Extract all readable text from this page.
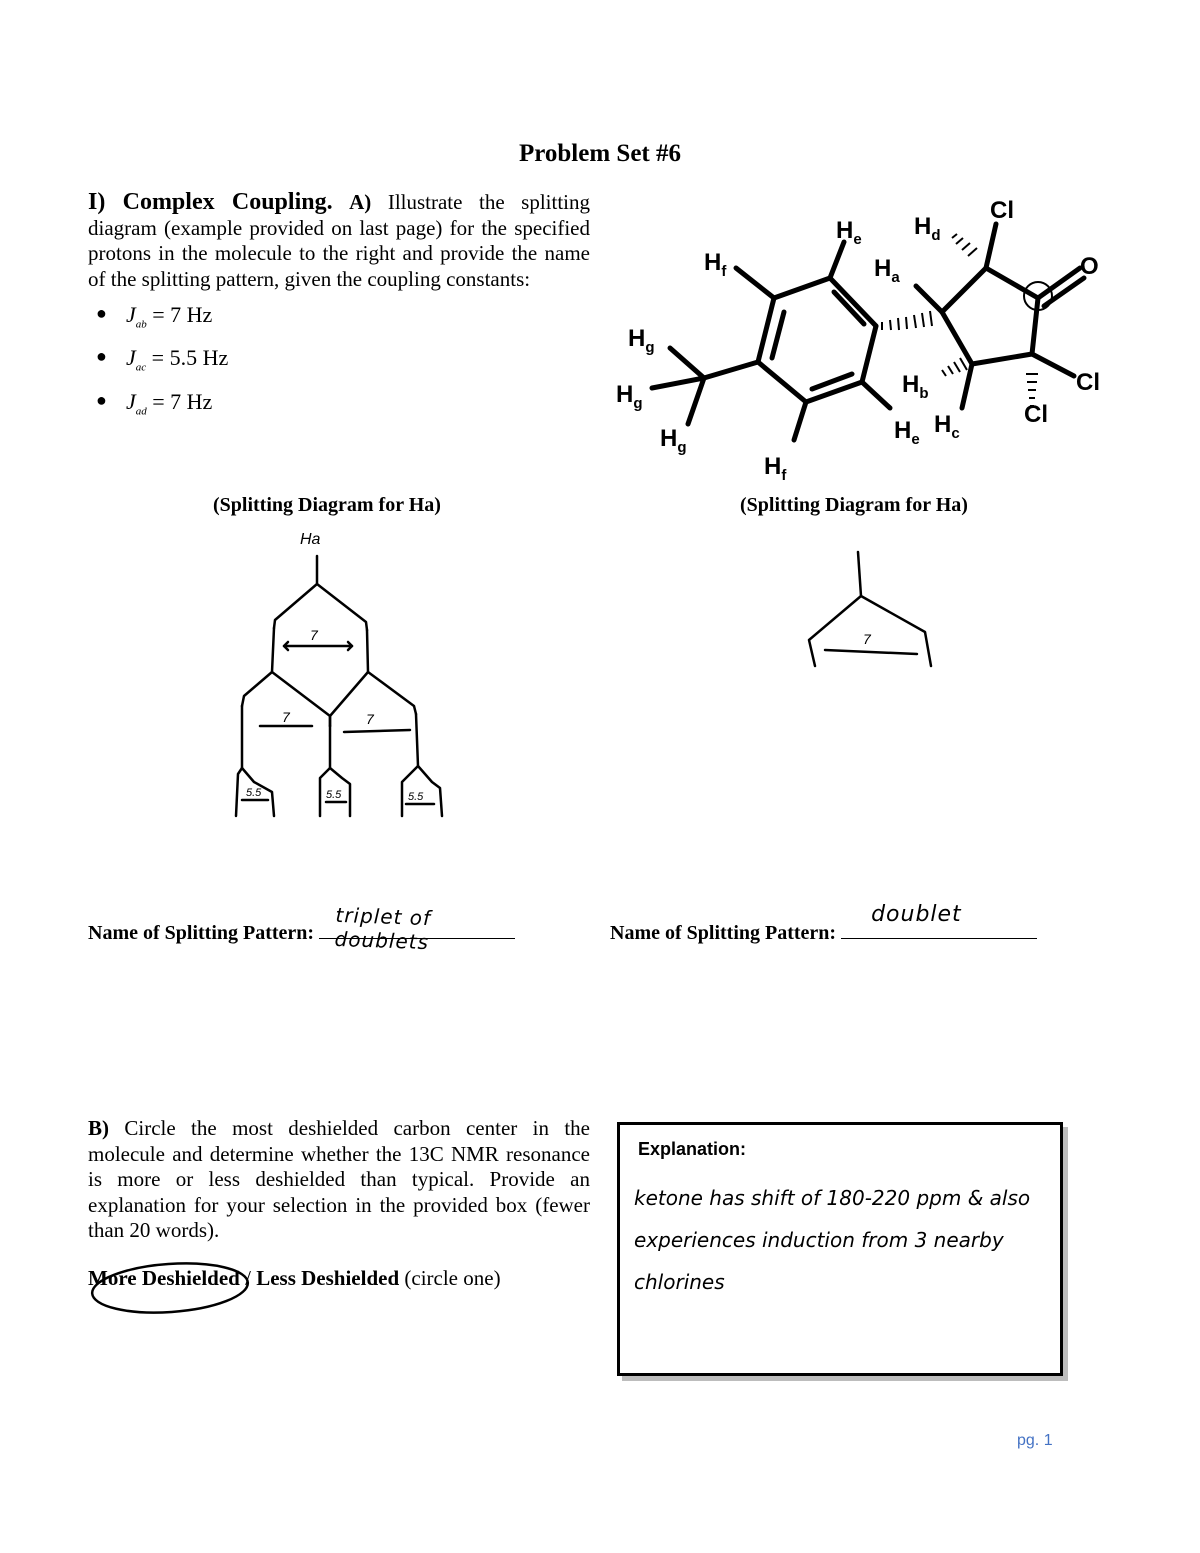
Problem Set #6
I) Complex Coupling. A) Illustrate the splitting diagram (example provided on last page) for the specified protons in the molecule to the right and provide the name of the splitting pattern, given the coupling constants:
● $J_{ab} = 7$ Hz
● $J_{ac} = 5.5$ Hz
● $J_{ad} = 7$ Hz
$H_e$ $H_d$
Cl
O
$H_f$	$H_a$
$H_g$
$H_g$
$H_g$
$H_b$	Cl
Cl
$H_e$
$H_c$
$H_f$
(Splitting Diagram for Ha)	(Splitting Diagram for Ha)
Ha
7
7	7
5.5	5.5	5.5
7
Name of Splitting Pattern:
triplet of doublets	Name of Splitting Pattern:
doublet
B) Circle the most deshielded carbon center in the molecule and determine whether the 13C NMR resonance is more or less deshielded than typical. Provide an explanation for your selection in the provided box (fewer than 20 words).
More Deshielded / Less Deshielded (circle one)
Explanation:
ketone has shift of 180-220 ppm & also experiences induction from 3 nearby chlorines
pg. 1
